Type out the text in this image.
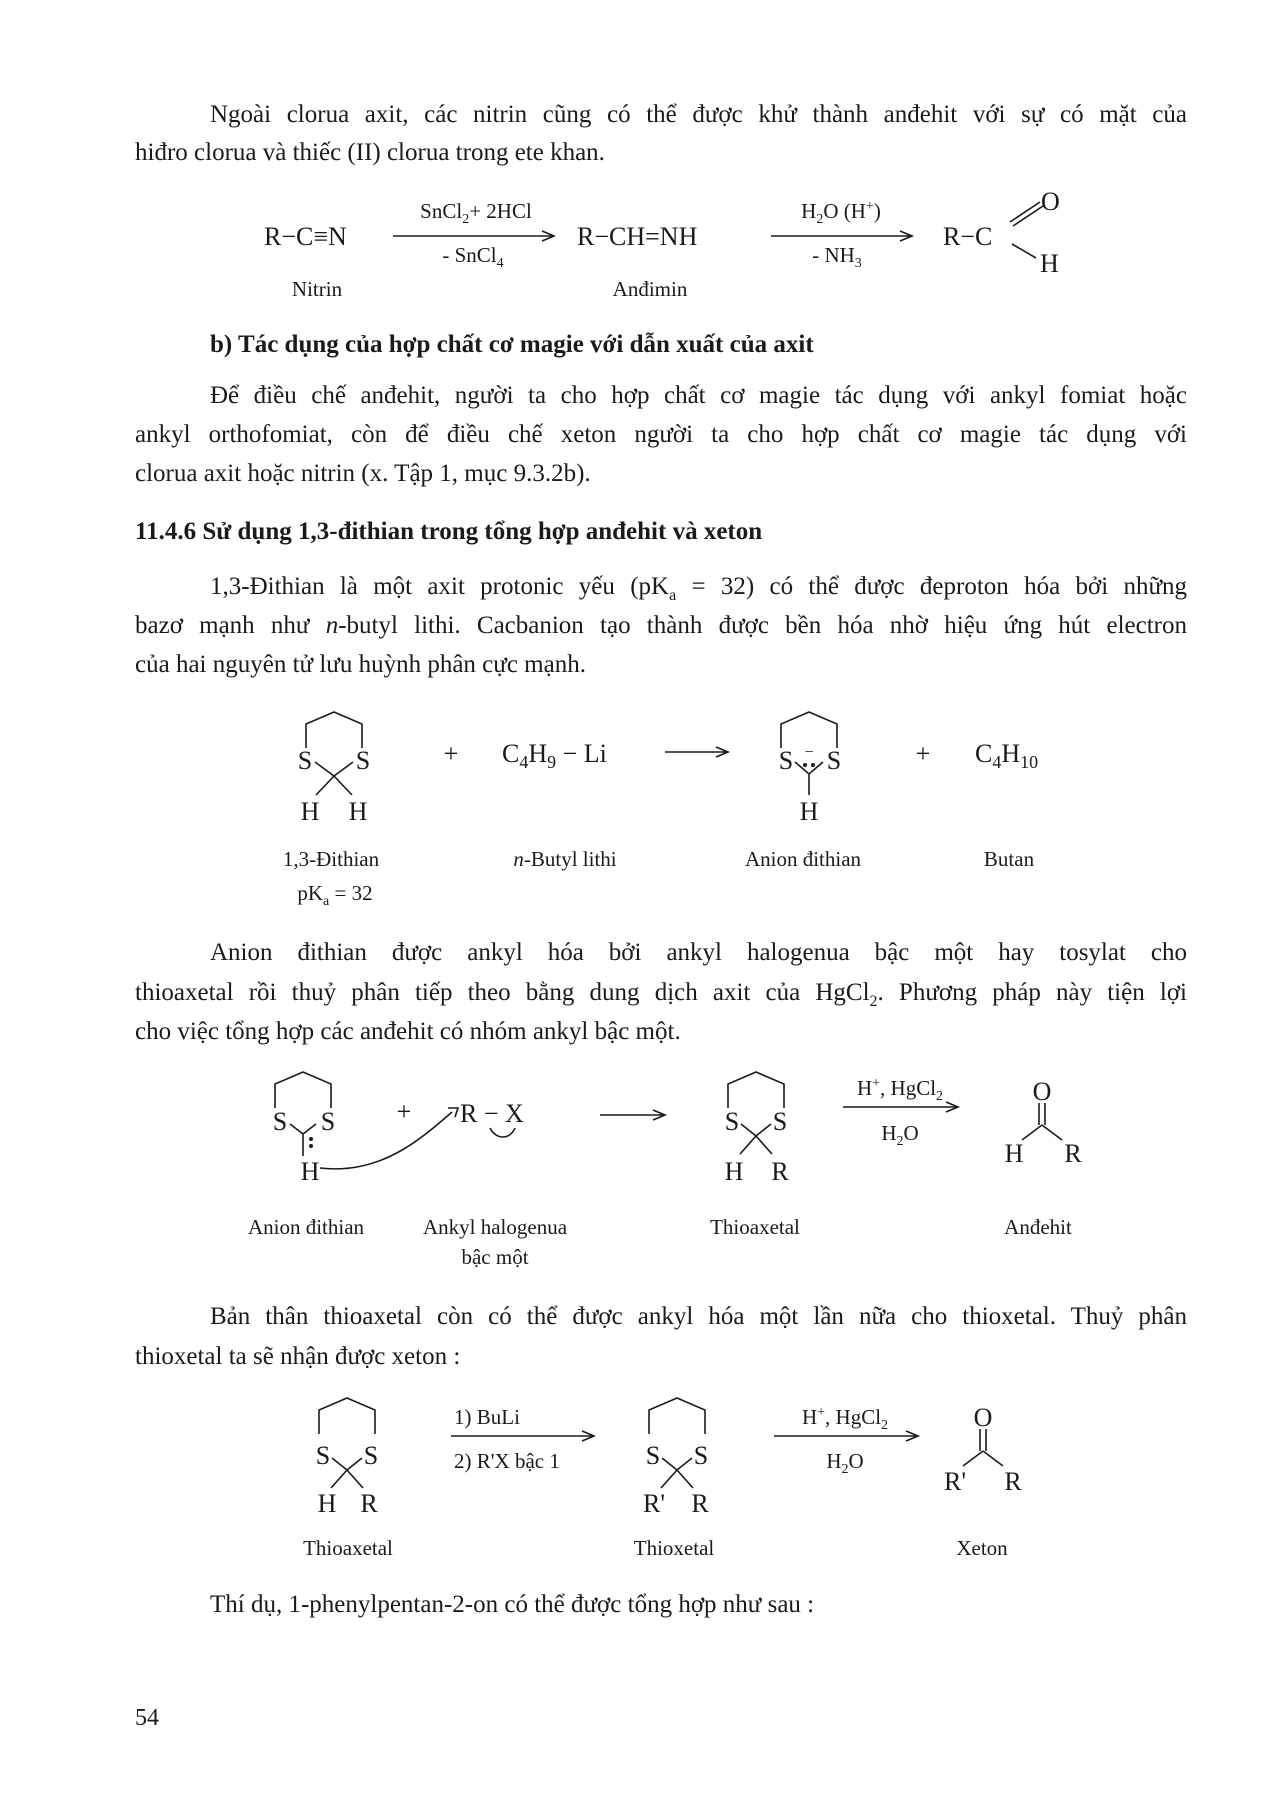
Ngoài clorua axit, các nitrin cũng có thể được khử thành anđehit với sự có mặt của
hiđro clorua và thiếc (II) clorua trong ete khan.
b) Tác dụng của hợp chất cơ magie với dẫn xuất của axit
Để điều chế anđehit, người ta cho hợp chất cơ magie tác dụng với ankyl fomiat hoặc
ankyl orthofomiat, còn để điều chế xeton người ta cho hợp chất cơ magie tác dụng với
clorua axit hoặc nitrin (x. Tập 1, mục 9.3.2b).
11.4.6 Sử dụng 1,3-đithian trong tổng hợp anđehit và xeton
1,3-Đithian là một axit protonic yếu $(pK_a = 32)$ có thể được đeproton hóa bởi những
bazơ mạnh như n-butyl lithi. Cacbanion tạo thành được bền hóa nhờ hiệu ứng hút electron
của hai nguyên tử lưu huỳnh phân cực mạnh.
Anion đithian được ankyl hóa bởi ankyl halogenua bậc một hay tosylat cho
thioaxetal rồi thuỷ phân tiếp theo bằng dung dịch axit của HgCl$_2$. Phương pháp này tiện lợi
cho việc tổng hợp các anđehit có nhóm ankyl bậc một.
Bản thân thioaxetal còn có thể được ankyl hóa một lần nữa cho thioxetal. Thuỷ phân
thioxetal ta sẽ nhận được xeton :
Thí dụ, 1-phenylpentan-2-on có thể được tổng hợp như sau :
54
R−C≡N
SnCl$_2$+ 2HCl
- SnCl$_4$
R−CH=NH
$H_2O$ (H+)
- $NH_3$
R−C
O
H
Nitrin	Anđimin
S S
H H
+ $C_4H_9 - Li$	S S
−
H
+ $C_4H_{10}$
1,3-Đithian
$pK_a = 32$
n-Butyl lithi	Anion đithian	Butan
S S
H
+ R − X	S S
H R
H+, HgCl$_2$
$H_2O$
O
H R
Anion đithian	Ankyl halogenua
bậc một
Thioaxetal	Anđehit
S S
H R
1) BuLi
2) R'X bậc 1	S S
R' R
H+, HgCl$_2$
$H_2O$
O
R' R
Thioaxetal	Thioxetal	Xeton
